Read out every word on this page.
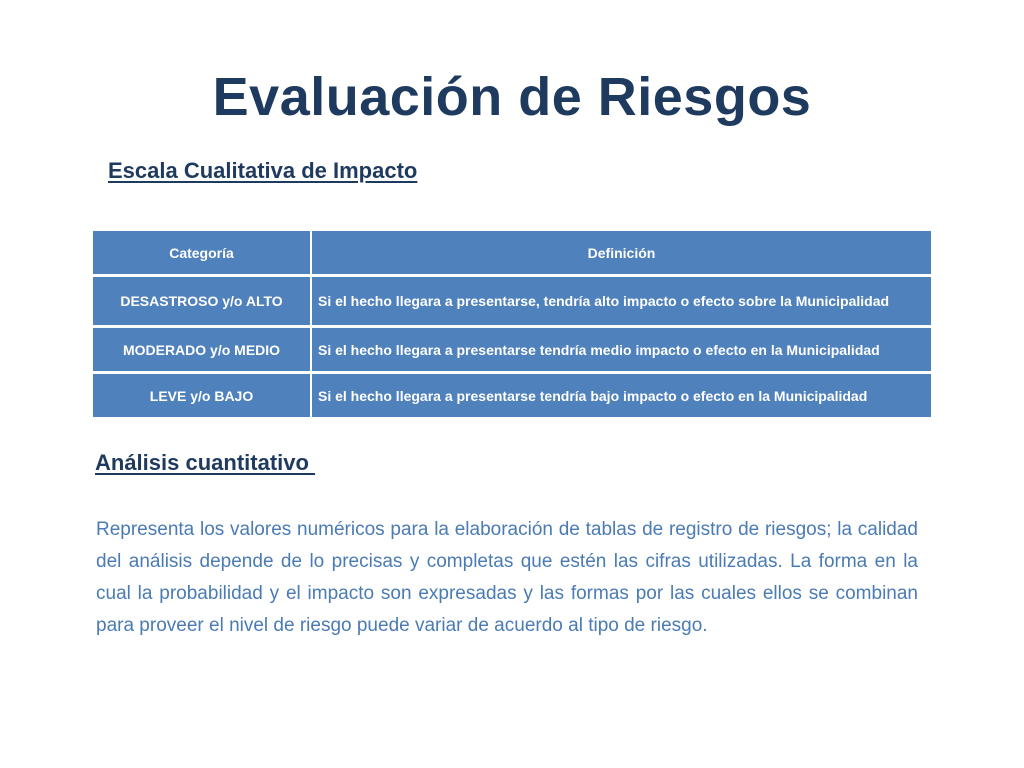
Evaluación de Riesgos
Escala Cualitativa de Impacto
Categoría	Definición
DESASTROSO y/o ALTO	Si el hecho llegara a presentarse, tendría alto impacto o efecto sobre la Municipalidad
MODERADO y/o MEDIO	Si el hecho llegara a presentarse tendría medio impacto o efecto en la Municipalidad
LEVE y/o BAJO	Si el hecho llegara a presentarse tendría bajo impacto o efecto en la Municipalidad
Análisis cuantitativo

Representa los valores numéricos para la elaboración de tablas de registro de riesgos; la calidad del análisis depende de lo precisas y completas que estén las cifras utilizadas. La forma en la cual la probabilidad y el impacto son expresadas y las formas por las cuales ellos se combinan para proveer el nivel de riesgo puede variar de acuerdo al tipo de riesgo.
